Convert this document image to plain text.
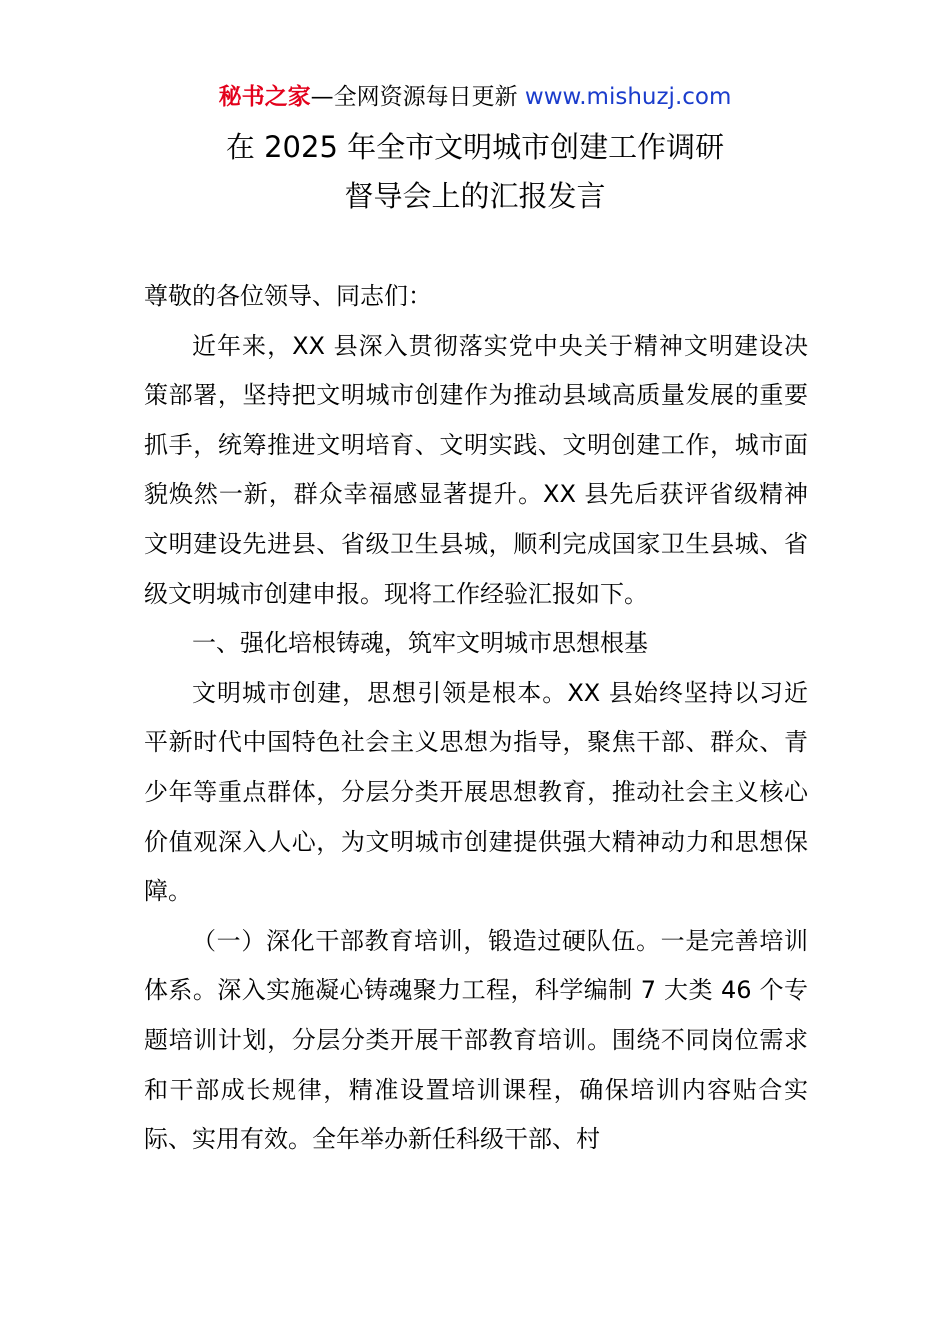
秘书之家—全网资源每日更新 www.mishuzj.com
在 2025 年全市文明城市创建工作调研
督导会上的汇报发言

尊敬的各位领导、同志们：

近年来，XX 县深入贯彻落实党中央关于精神文明建设决策部署，坚持把文明城市创建作为推动县域高质量发展的重要抓手，统筹推进文明培育、文明实践、文明创建工作，城市面貌焕然一新，群众幸福感显著提升。XX 县先后获评省级精神文明建设先进县、省级卫生县城，顺利完成国家卫生县城、省级文明城市创建申报。现将工作经验汇报如下。

一、强化培根铸魂，筑牢文明城市思想根基

文明城市创建，思想引领是根本。XX 县始终坚持以习近平新时代中国特色社会主义思想为指导，聚焦干部、群众、青少年等重点群体，分层分类开展思想教育，推动社会主义核心价值观深入人心，为文明城市创建提供强大精神动力和思想保障。

（一）深化干部教育培训，锻造过硬队伍。一是完善培训体系。深入实施凝心铸魂聚力工程，科学编制 7 大类 46 个专题培训计划，分层分类开展干部教育培训。围绕不同岗位需求和干部成长规律，精准设置培训课程，确保培训内容贴合实际、实用有效。全年举办新任科级干部、村
